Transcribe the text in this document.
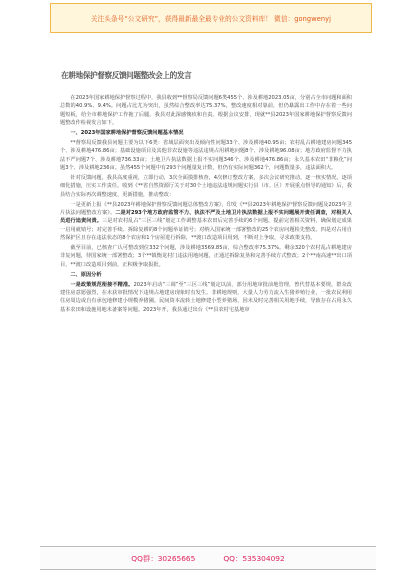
关注头条号“公文研究”，获得最新最全最专业的公文资料库！ 微信：gongwenyj
在耕地保护督察反馈问题整改会上的发言

在2023年国家耕地保护督察过程中，我县收到**督察局反馈问题6类455个、涉及耕地2023.05亩，分别占全市问题和面积总数的40.9%、9.4%。问题占比尤为突出，虽然综合整改率达75.37%，整改速度相对靠前，但仍暴露出工作中存在着一些问题短板，给全市耕地保护工作拖了后腿。我县对此深感愧疚和自责。根据会议安排，现就**县2023年国家耕地保护督察反馈问题整改作检视发言如下。

一、2023年国家耕地保护督察反馈问题基本情况

**督察局反馈我县问题主要为以下6类：省域层面突出及倾向性问题33个、涉及耕地40.95亩；农村乱占耕地建房问题345个、涉及耕地476.86亩；基础设施项目及其他非农设施等违法违规占用耕地问题8个、涉及耕地96.08亩；地方政府监督不力执法不严问题7个、涉及耕地736.33亩；土地卫片执法数据上报不实问题346个、涉及耕地476.86亩；永久基本农田“非粮化”问题3个、涉及耕地236亩。虽然455个问题中有293个问题量复计数，但仍有实际问题362个，问题数量多，违法面积大。

针对反馈问题，我县高度重视，立即行动，3次全面摸排核查，4次修订整改方案，多次会议研究推动，逐一核实情况，逐项细化措施，压实工作责任。收到《**省自然资源厅关于对30个土地违法违规问题实行县（市、区）开展重点督导的通知》后，我县结合实际再次调整速度，更新措施，推动整改：

一是更新上报《**县2023年耕地保护督察反馈问题总体整改方案》，印发《**县2023年耕地保护督察反馈问题及2023年卫片执法问题整改方案》。二是对293个地方政府监管不力、执法不严及土地卫片执法数据上报不实问题展开责任调查，对相关人员进行追责问责。三是对农村乱占“三区三线”划定工作调整基本农田后完善手续的6个问题，提前完善相关资料，确保划定成果一启用就销号；对完善手续、拆除复耕的8个问题举证销号；对纳入国家统一部署整改的25个农房问题检先整改。四是对占用自然保护区且存在违法状态的8个农房和1个房屋进行拆除，**渡口改造项目用到，不断对上争取，寻求政策支持。

截至目前，已核查广认可整改到位332个问题，涉及耕地3569.85亩，综合整改率75.37%。剩余320个农村乱占耕地建房非复问题，待国家统一部署整改；3个**镇衡龙村门违法用地问题，正通过拆除复垦和完善手续方式整改；2个**南高速**出口项目、**渡口改造项目到前，正积极争取报批。

二、原因分析

一是政策规范衔接不精准。2023年启动“三调”至“三区三线”划定以前，部分用地审批前地管理，曾代替基本要规。群众改建住房意愿强烈，在未获审批情况下违规占地建房现象时有发生。非耕地规则，大量人力劳力流入生猪养殖行业，一批农民利用住房周边或自有承包地修建小规模养猪圃。民间资本流转土地修建小型养猪场，因未及时完善相关用地手续，导致存在占用永久基本农田和设施用地未备案等问题。2023年开，我县通过出台《**县农村宅基地审

QQ群：30265665	QQ：535304092
